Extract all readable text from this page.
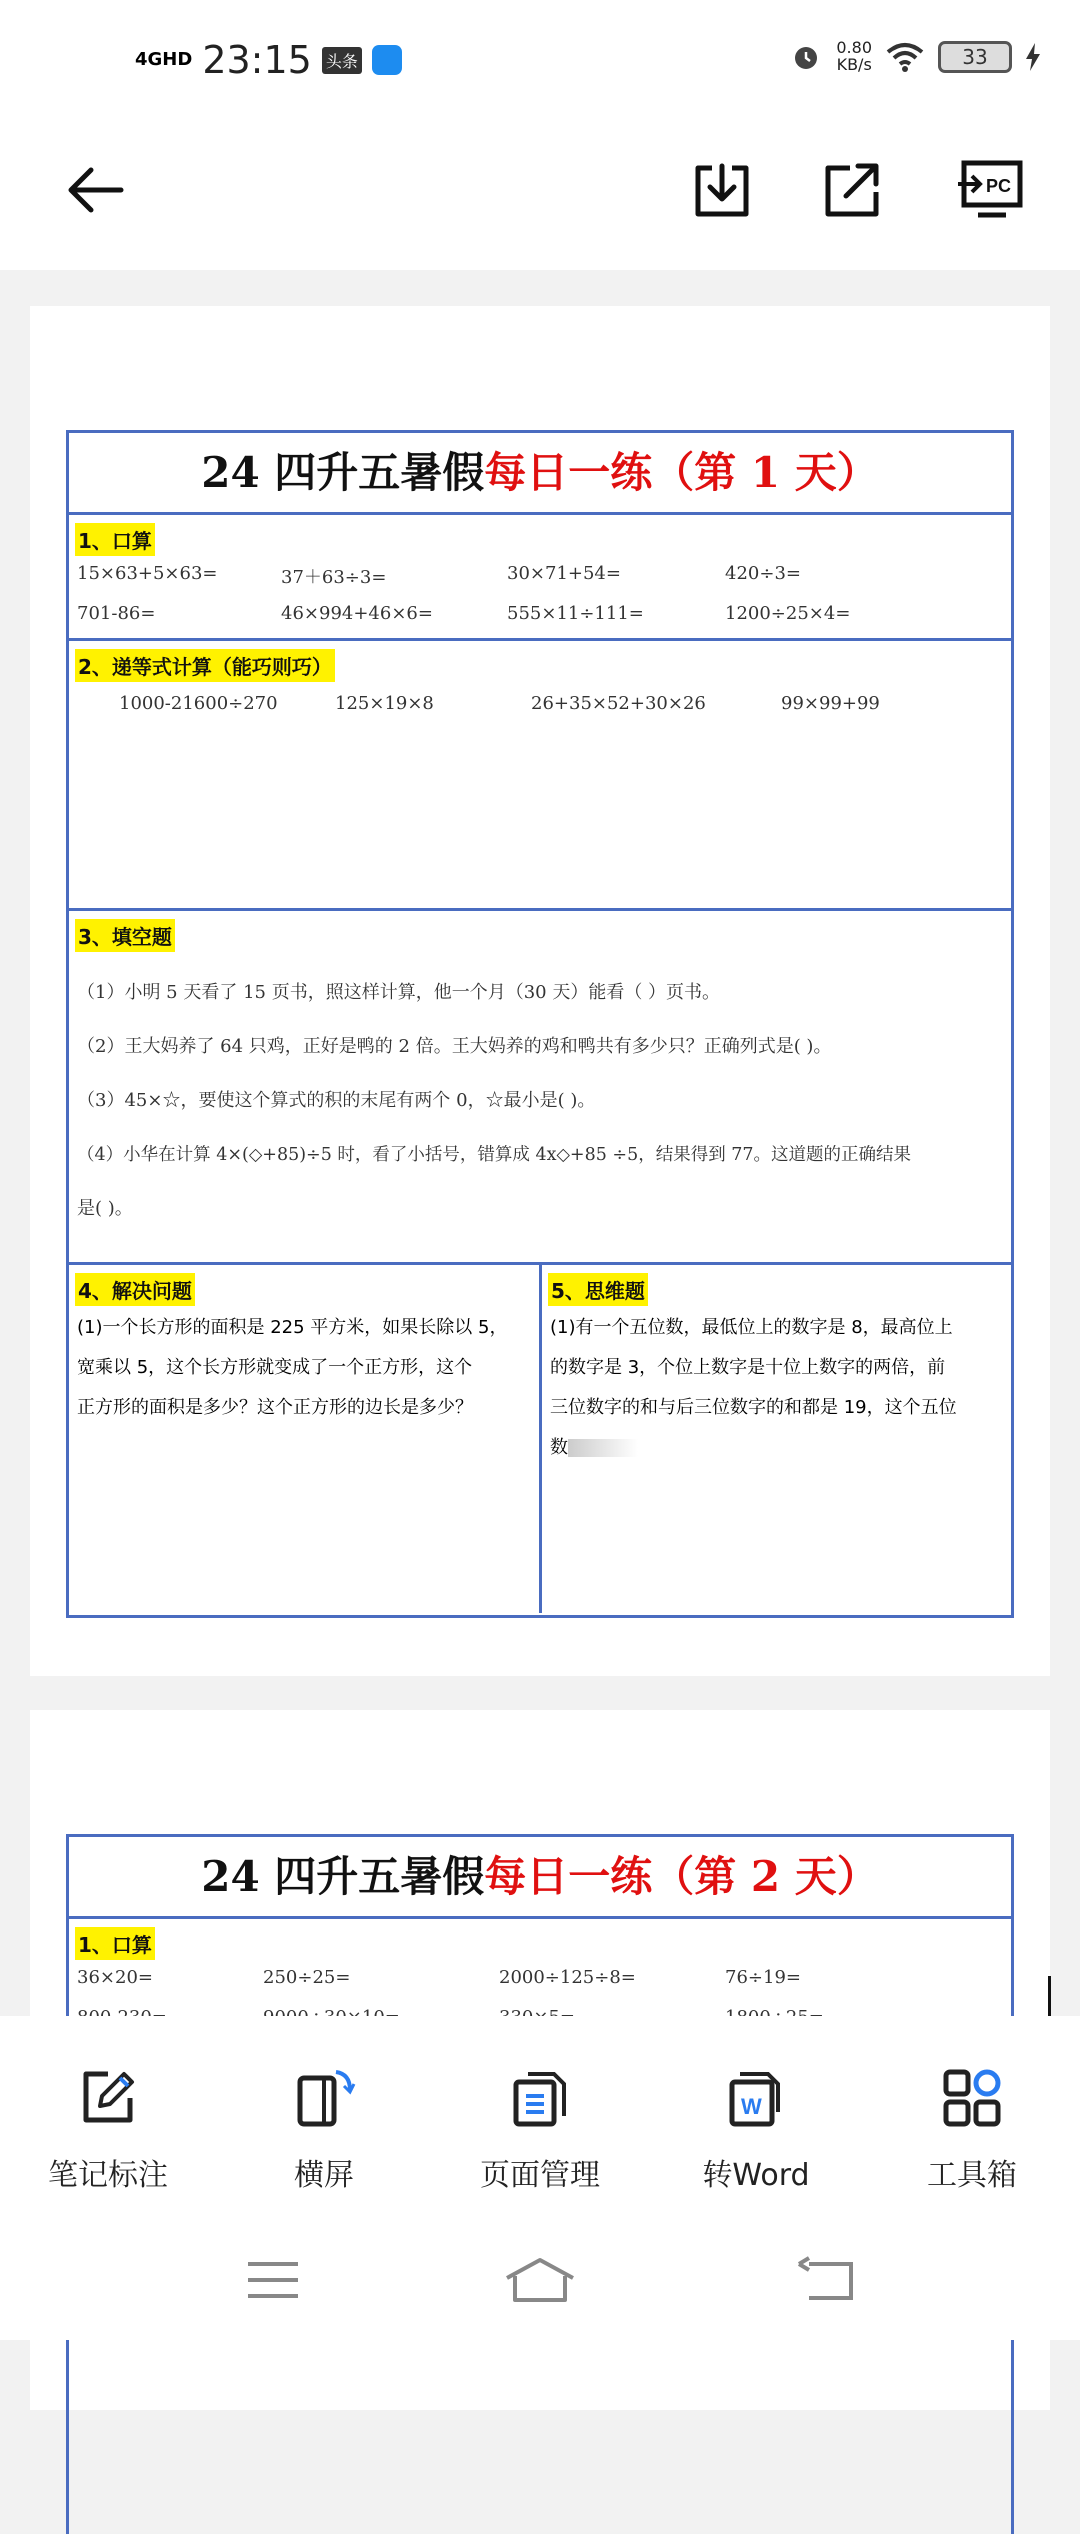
4GHD 23:15 头条
0.80
KB/s	33
PC
24 四升五暑假每日一练（第 1 天）
1、口算
15×63+5×63=	37＋63÷3=	30×71+54=	420÷3=
701-86=	46×994+46×6=	555×11÷111=	1200÷25×4=
2、递等式计算（能巧则巧）
1000-21600÷270	125×19×8	26+35×52+30×26	99×99+99
3、填空题
（1）小明 5 天看了 15 页书，照这样计算，他一个月（30 天）能看（ ）页书。
（2）王大妈养了 64 只鸡，正好是鸭的 2 倍。王大妈养的鸡和鸭共有多少只？正确列式是( )。
（3）45×☆，要使这个算式的积的末尾有两个 0，☆最小是( )。
（4）小华在计算 4×(◇+85)÷5 时，看了小括号，错算成 4x◇+85 ÷5，结果得到 77。这道题的正确结果
是( )。
4、解决问题
(1)一个长方形的面积是 225 平方米，如果长除以 5，
宽乘以 5，这个长方形就变成了一个正方形，这个
正方形的面积是多少？这个正方形的边长是多少？
5、思维题
(1)有一个五位数，最低位上的数字是 8，最高位上
的数字是 3，个位上数字是十位上数字的两倍，前
三位数字的和与后三位数字的和都是 19，这个五位
数
24 四升五暑假每日一练（第 2 天）
1、口算
36×20=	250÷25=	2000÷125÷8=	76÷19=
笔记标注	横屏	页面管理
W
转Word	工具箱
